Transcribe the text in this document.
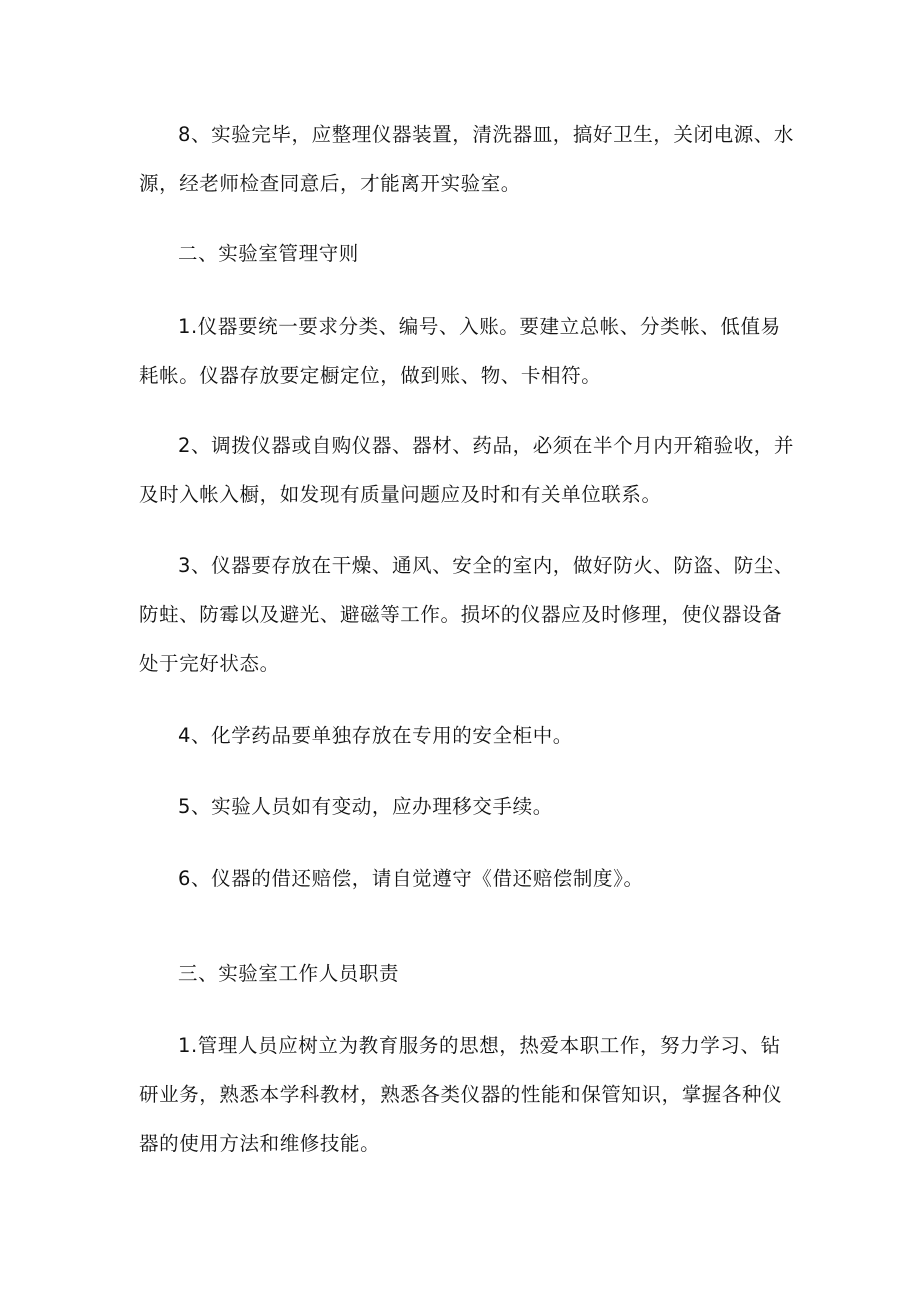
8、实验完毕，应整理仪器装置，清洗器皿，搞好卫生，关闭电源、水
源，经老师检查同意后，才能离开实验室。
二、实验室管理守则
1.仪器要统一要求分类、编号、入账。要建立总帐、分类帐、低值易
耗帐。仪器存放要定橱定位，做到账、物、卡相符。
2、调拨仪器或自购仪器、器材、药品，必须在半个月内开箱验收，并
及时入帐入橱，如发现有质量问题应及时和有关单位联系。
3、仪器要存放在干燥、通风、安全的室内，做好防火、防盗、防尘、
防蛀、防霉以及避光、避磁等工作。损坏的仪器应及时修理，使仪器设备
处于完好状态。
4、化学药品要单独存放在专用的安全柜中。
5、实验人员如有变动，应办理移交手续。
6、仪器的借还赔偿，请自觉遵守《借还赔偿制度》。
三、实验室工作人员职责
1.管理人员应树立为教育服务的思想，热爱本职工作，努力学习、钻
研业务，熟悉本学科教材，熟悉各类仪器的性能和保管知识，掌握各种仪
器的使用方法和维修技能。
